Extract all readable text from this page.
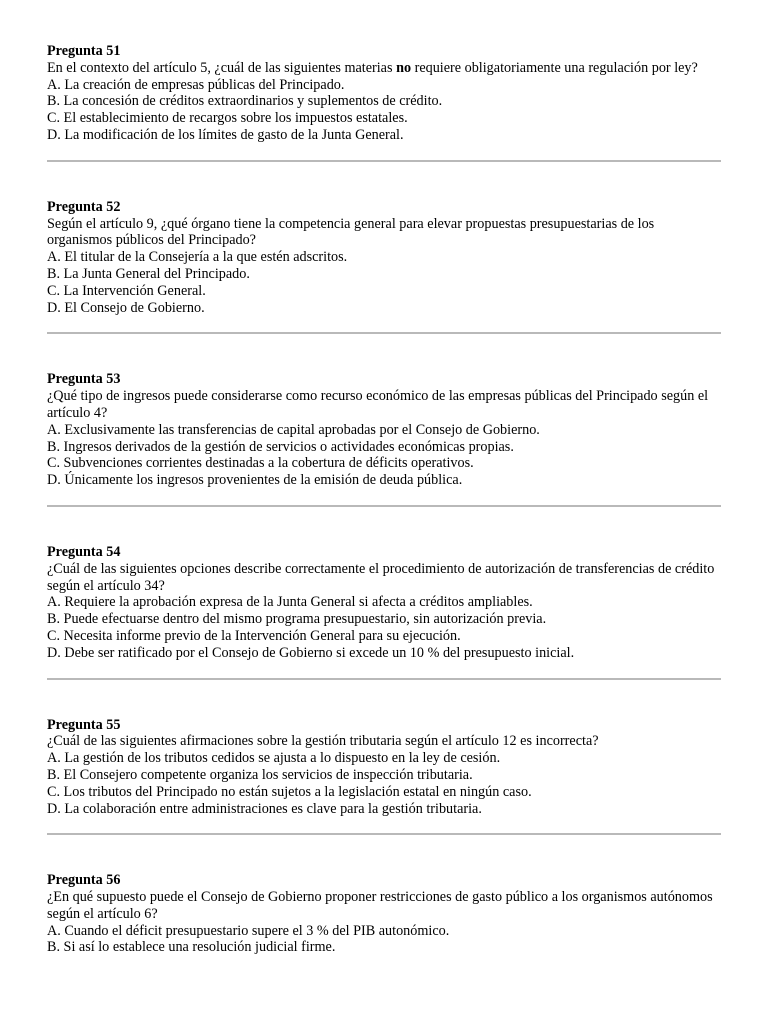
Pregunta 51
En el contexto del artículo 5, ¿cuál de las siguientes materias no requiere obligatoriamente una regulación por ley?
A. La creación de empresas públicas del Principado.
B. La concesión de créditos extraordinarios y suplementos de crédito.
C. El establecimiento de recargos sobre los impuestos estatales.
D. La modificación de los límites de gasto de la Junta General.
Pregunta 52
Según el artículo 9, ¿qué órgano tiene la competencia general para elevar propuestas presupuestarias de los organismos públicos del Principado?
A. El titular de la Consejería a la que estén adscritos.
B. La Junta General del Principado.
C. La Intervención General.
D. El Consejo de Gobierno.
Pregunta 53
¿Qué tipo de ingresos puede considerarse como recurso económico de las empresas públicas del Principado según el artículo 4?
A. Exclusivamente las transferencias de capital aprobadas por el Consejo de Gobierno.
B. Ingresos derivados de la gestión de servicios o actividades económicas propias.
C. Subvenciones corrientes destinadas a la cobertura de déficits operativos.
D. Únicamente los ingresos provenientes de la emisión de deuda pública.
Pregunta 54
¿Cuál de las siguientes opciones describe correctamente el procedimiento de autorización de transferencias de crédito según el artículo 34?
A. Requiere la aprobación expresa de la Junta General si afecta a créditos ampliables.
B. Puede efectuarse dentro del mismo programa presupuestario, sin autorización previa.
C. Necesita informe previo de la Intervención General para su ejecución.
D. Debe ser ratificado por el Consejo de Gobierno si excede un 10 % del presupuesto inicial.
Pregunta 55
¿Cuál de las siguientes afirmaciones sobre la gestión tributaria según el artículo 12 es incorrecta?
A. La gestión de los tributos cedidos se ajusta a lo dispuesto en la ley de cesión.
B. El Consejero competente organiza los servicios de inspección tributaria.
C. Los tributos del Principado no están sujetos a la legislación estatal en ningún caso.
D. La colaboración entre administraciones es clave para la gestión tributaria.
Pregunta 56
¿En qué supuesto puede el Consejo de Gobierno proponer restricciones de gasto público a los organismos autónomos según el artículo 6?
A. Cuando el déficit presupuestario supere el 3 % del PIB autonómico.
B. Si así lo establece una resolución judicial firme.
